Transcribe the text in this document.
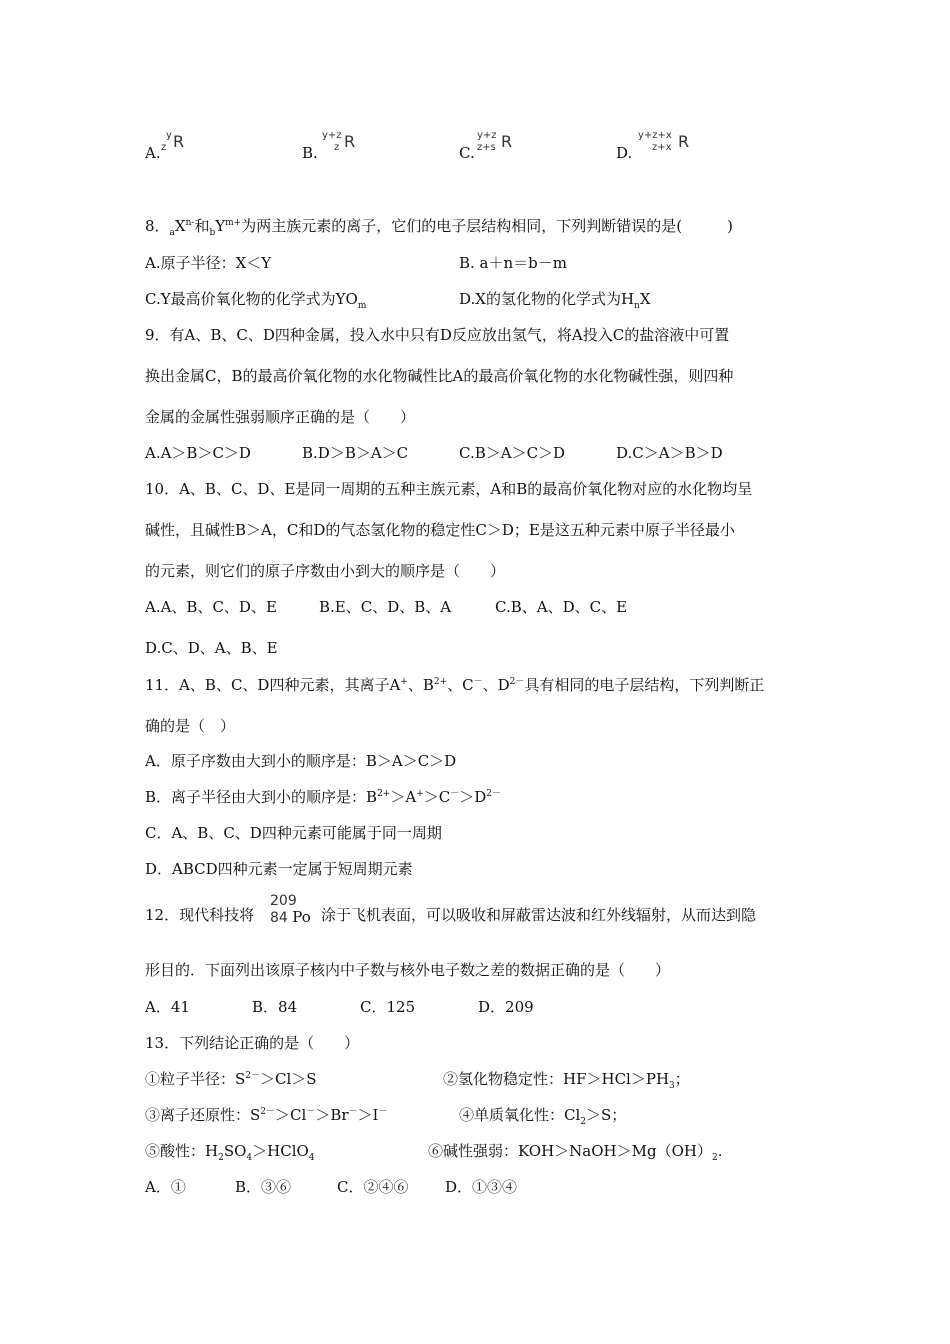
A.
y
z R
B.
y+z
z R
C.
y+z
z+s R
D.
y+z+x
z+x R
8．$_aX^{n-}$和$_bY^{m+}$为两主族元素的离子，它们的电子层结构相同，下列判断错误的是(　　　)
A.原子半径：X＜Y	B. a＋n＝b－m
C.Y最高价氧化物的化学式为$YO_m$	D.X的氢化物的化学式为$H_nX$
9．有A、B、C、D四种金属，投入水中只有D反应放出氢气，将A投入C的盐溶液中可置
换出金属C，B的最高价氧化物的水化物碱性比A的最高价氧化物的水化物碱性强，则四种
金属的金属性强弱顺序正确的是（　　）
A.A＞B＞C＞D	B.D＞B＞A＞C	C.B＞A＞C＞D	D.C＞A＞B＞D
10．A、B、C、D、E是同一周期的五种主族元素，A和B的最高价氧化物对应的水化物均呈
碱性，且碱性B＞A，C和D的气态氢化物的稳定性C＞D；E是这五种元素中原子半径最小
的元素，则它们的原子序数由小到大的顺序是（　　）
A.A、B、C、D、E	B.E、C、D、B、A	C.B、A、D、C、E
D.C、D、A、B、E
11．A、B、C、D四种元素，其离子A+、$B^{2+}$、C－、$D^{2-}$具有相同的电子层结构，下列判断正
确的是（　）
A．原子序数由大到小的顺序是：B＞A＞C＞D
B．离子半径由大到小的顺序是：$B^{2+}>A^+>C^->D^{2-}$
C．A、B、C、D四种元素可能属于同一周期
D．ABCD四种元素一定属于短周期元素
12．现代科技将
209
84 Po 涂于飞机表面，可以吸收和屏蔽雷达波和红外线辐射，从而达到隐
形目的．下面列出该原子核内中子数与核外电子数之差的数据正确的是（　　）
A．41	B．84	C．125	D．209
13．下列结论正确的是（　　）
①粒子半径：$S^{2-}>Cl>S$	②氢化物稳定性：$HF>HCl>PH_3$；
③离子还原性：$S^{2-}>Cl^->Br^->I^-$	④单质氧化性：$Cl_2>S$；
⑤酸性：$H_2SO_4>HClO_4$	⑥碱性强弱：$KOH>NaOH>Mg(OH)_2$.
A．①	B．③⑥	C．②④⑥ D．①③④
